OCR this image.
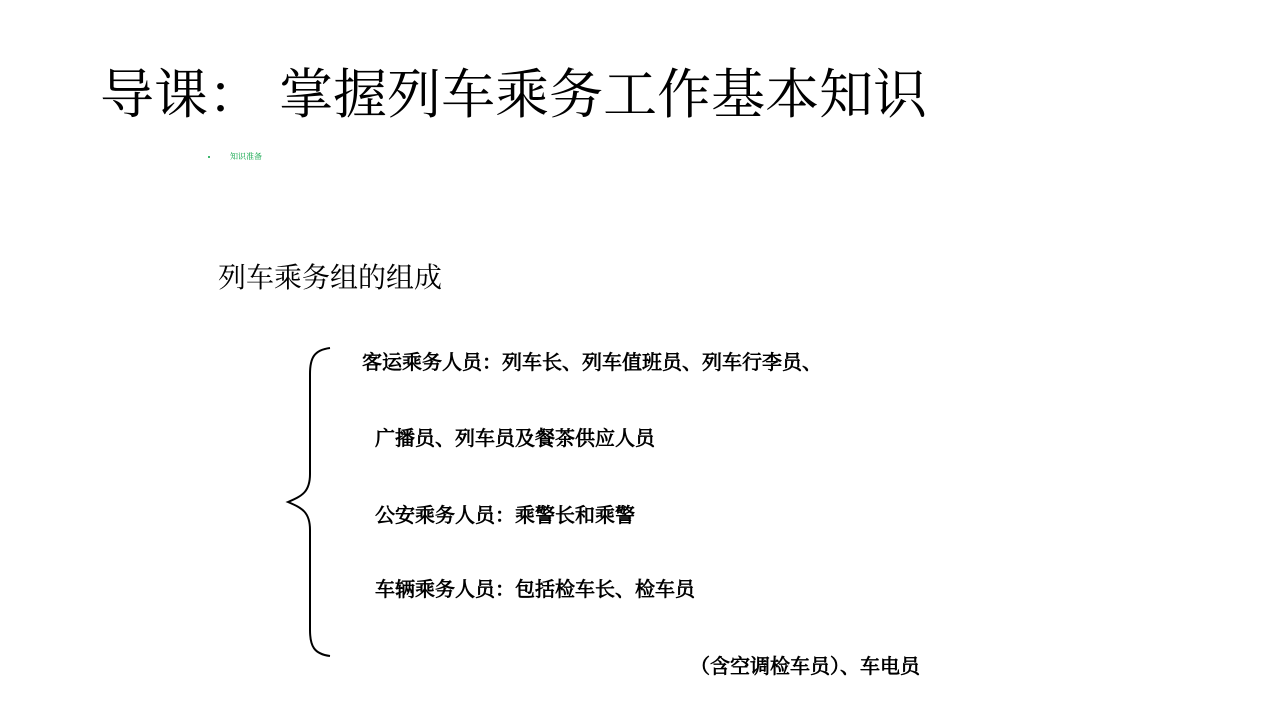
导课： 掌握列车乘务工作基本知识
知识准备
列车乘务组的组成
客运乘务人员：列车长、列车值班员、列车行李员、
广播员、列车员及餐茶供应人员
公安乘务人员：乘警长和乘警
车辆乘务人员：包括检车长、检车员
（含空调检车员）、车电员
